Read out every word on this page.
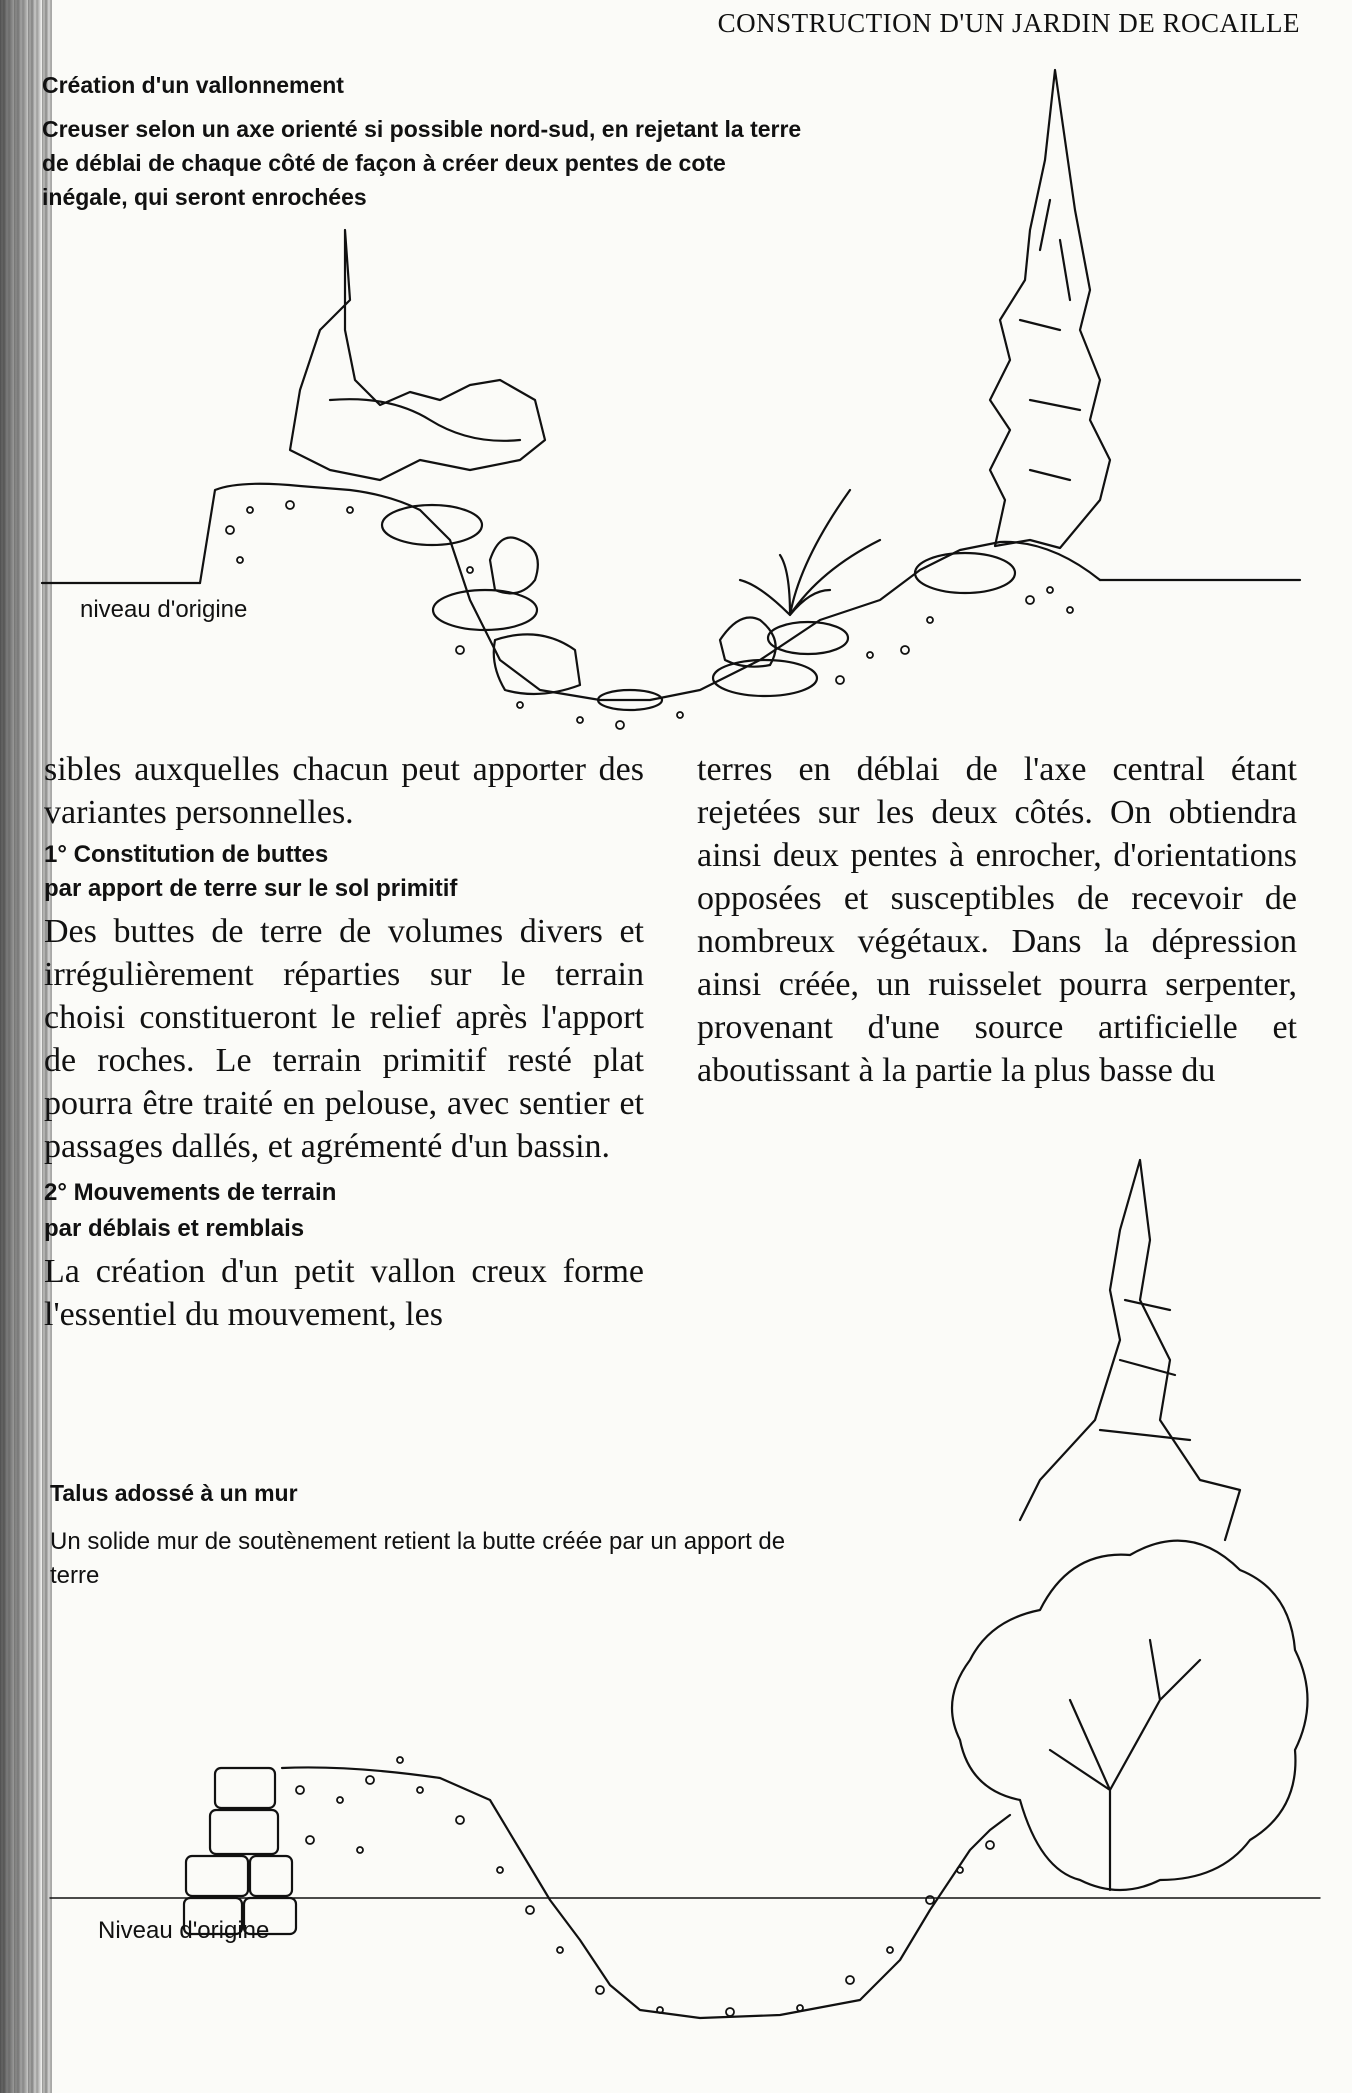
CONSTRUCTION D'UN JARDIN DE ROCAILLE
Création d'un vallonnement
Creuser selon un axe orienté si possible nord-sud, en rejetant la terre de déblai de chaque côté de façon à créer deux pentes de cote inégale, qui seront enrochées
niveau d'origine

sibles auxquelles chacun peut apporter des variantes personnelles.

1° Constitution de buttes
par apport de terre sur le sol primitif

Des buttes de terre de volumes divers et irrégulièrement réparties sur le terrain choisi constitueront le relief après l'apport de roches. Le terrain primitif resté plat pourra être traité en pelouse, avec sentier et passages dallés, et agrémenté d'un bassin.

2° Mouvements de terrain
par déblais et remblais

La création d'un petit vallon creux forme l'essentiel du mouvement, les

terres en déblai de l'axe central étant rejetées sur les deux côtés. On obtiendra ainsi deux pentes à enrocher, d'orientations opposées et susceptibles de recevoir de nombreux végétaux. Dans la dépression ainsi créée, un ruisselet pourra serpenter, provenant d'une source artificielle et aboutissant à la partie la plus basse du

Talus adossé à un mur
Un solide mur de soutènement retient la butte créée par un apport de terre
Niveau d'origine
